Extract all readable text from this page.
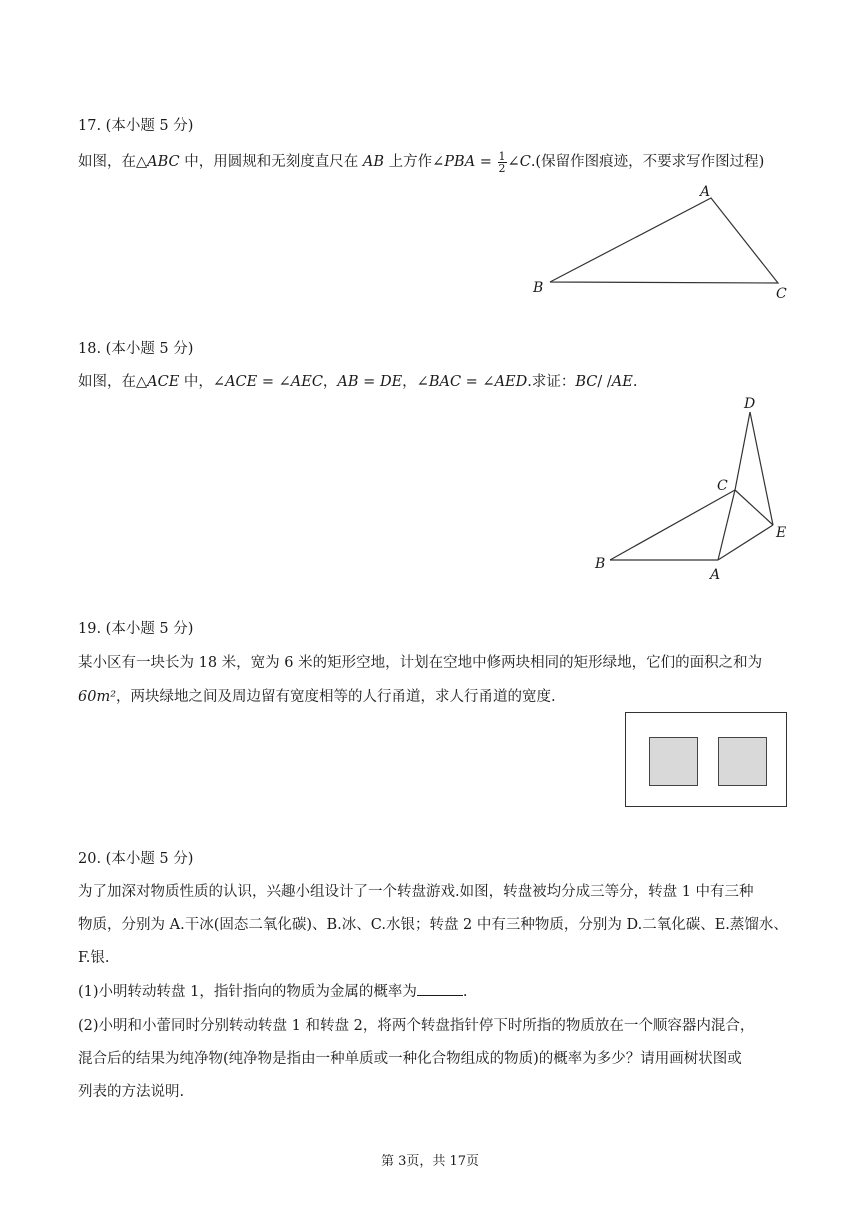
17. (本小题 5 分)
如图，在△ABC 中，用圆规和无刻度直尺在 AB 上方作∠PBA = $\frac{1}{2}$ ∠C.(保留作图痕迹，不要求写作图过程)
A
B	C
18. (本小题 5 分)
如图，在△ACE 中，∠ACE = ∠AEC，AB = DE，∠BAC = ∠AED.求证：BC/ /AE.
D
C
E
B
A
19. (本小题 5 分)
某小区有一块长为 18 米，宽为 6 米的矩形空地，计划在空地中修两块相同的矩形绿地，它们的面积之和为
60m²，两块绿地之间及周边留有宽度相等的人行甬道，求人行甬道的宽度.
20. (本小题 5 分)
为了加深对物质性质的认识，兴趣小组设计了一个转盘游戏.如图，转盘被均分成三等分，转盘 1 中有三种
物质，分别为 A.干冰(固态二氧化碳)、B.冰、C.水银；转盘 2 中有三种物质，分别为 D.二氧化碳、E.蒸馏水、
F.银.
(1)小明转动转盘 1，指针指向的物质为金属的概率为	.
(2)小明和小蕾同时分别转动转盘 1 和转盘 2，将两个转盘指针停下时所指的物质放在一个顺容器内混合，
混合后的结果为纯净物(纯净物是指由一种单质或一种化合物组成的物质)的概率为多少？请用画树状图或
列表的方法说明.
第 3页，共 17页
